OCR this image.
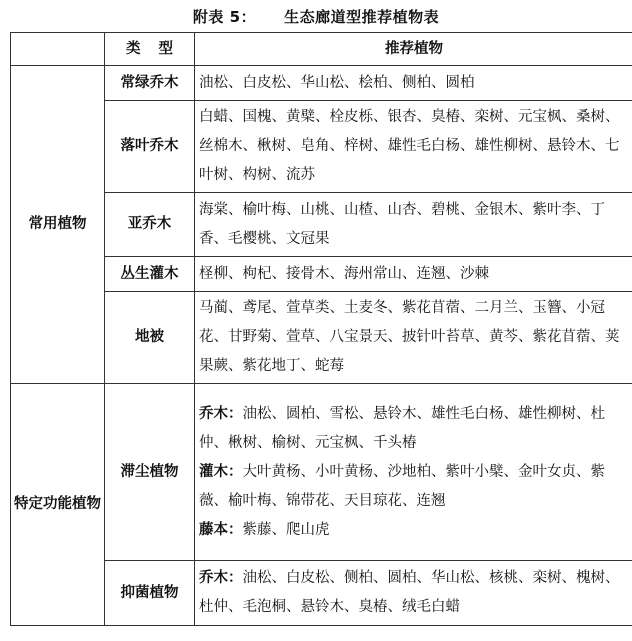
附表 5： 生态廊道型推荐植物表
	类型	推荐植物
常用植物	常绿乔木	油松、白皮松、华山松、桧柏、侧柏、圆柏
	落叶乔木	白蜡、国槐、黄檗、栓皮栎、银杏、臭椿、栾树、元宝枫、桑树、丝棉木、楸树、皂角、梓树、雄性毛白杨、雄性柳树、悬铃木、七叶树、构树、流苏
	亚乔木	海棠、榆叶梅、山桃、山楂、山杏、碧桃、金银木、紫叶李、丁香、毛樱桃、文冠果
	丛生灌木	柽柳、枸杞、接骨木、海州常山、连翘、沙棘
	地被	马蔺、鸢尾、萱草类、土麦冬、紫花苜蓿、二月兰、玉簪、小冠花、甘野菊、萱草、八宝景天、披针叶苔草、黄芩、紫花苜蓿、荚果蕨、紫花地丁、蛇莓
特定功能植物	滞尘植物	乔木：油松、圆柏、雪松、悬铃木、雄性毛白杨、雄性柳树、杜仲、楸树、榆树、元宝枫、千头椿
灌木：大叶黄杨、小叶黄杨、沙地柏、紫叶小檗、金叶女贞、紫薇、榆叶梅、锦带花、天目琼花、连翘
藤本：紫藤、爬山虎

	抑菌植物	乔木：油松、白皮松、侧柏、圆柏、华山松、核桃、栾树、槐树、杜仲、毛泡桐、悬铃木、臭椿、绒毛白蜡
